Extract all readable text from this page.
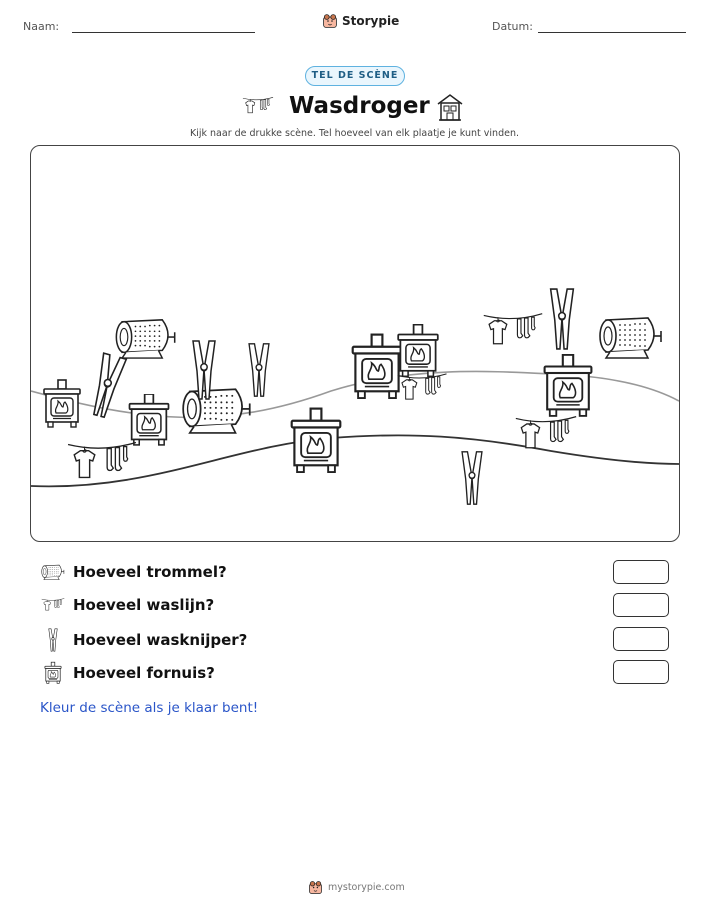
Naam:	Storypie	Datum:
TEL DE SCÈNE
Wasdroger
Kijk naar de drukke scène. Tel hoeveel van elk plaatje je kunt vinden.
Hoeveel trommel?
Hoeveel waslijn?
Hoeveel wasknijper?
Hoeveel fornuis?
Kleur de scène als je klaar bent!
mystorypie.com
